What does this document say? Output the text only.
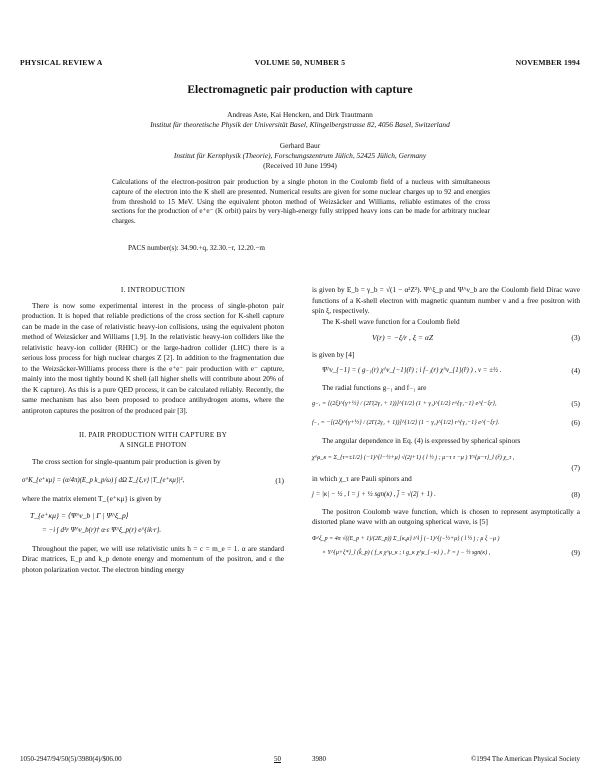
PHYSICAL REVIEW A	VOLUME 50, NUMBER 5	NOVEMBER 1994
Electromagnetic pair production with capture
Andreas Aste, Kai Hencken, and Dirk Trautmann
Institut für theoretische Physik der Universität Basel, Klingelbergstrasse 82, 4056 Basel, Switzerland
Gerhard Baur
Institut für Kernphysik (Theorie), Forschungszentrum Jülich, 52425 Jülich, Germany
(Received 10 June 1994)
Calculations of the electron-positron pair production by a single photon in the Coulomb field of a nucleus with simultaneous capture of the electron into the K shell are presented. Numerical results are given for some nuclear charges up to 92 and energies from threshold to 15 MeV. Using the equivalent photon method of Weizsäcker and Williams, reliable estimates of the cross sections for the production of e⁺e⁻ (K orbit) pairs by very-high-energy fully stripped heavy ions can be made for arbitrary nuclear charges.
PACS number(s): 34.90.+q, 32.30.−r, 12.20.−m
I. INTRODUCTION

There is now some experimental interest in the process of single-photon pair production. It is hoped that reliable predictions of the cross section for K-shell capture can be made in the case of relativistic heavy-ion collisions, using the equivalent photon method of Weizsäcker and Williams [1,9]. In the relativistic heavy-ion colliders like the relativistic heavy-ion collider (RHIC) or the large-hadron collider (LHC) there is a serious loss process for high nuclear charges Z [2]. In addition to the fragmentation due to the Weizsäcker-Williams process there is the e⁺e⁻ pair production with e⁻ capture, mainly into the most tightly bound K shell (all higher shells will contribute about 20% of the K capture). As this is a pure QED process, it can be calculated reliably. Recently, the same mechanism has also been proposed to produce antihydrogen atoms, where the antiproton captures the positron of the produced pair [3].

II. PAIR PRODUCTION WITH CAPTURE BY
A SINGLE PHOTON

The cross section for single-quantum pair production is given by

σ^K_{e⁺κμ} = (α/4π)(E_p k_p/ω) ∫ dΩ Σ_{ξ,ν} |T_{e⁺κμ}|²,	(1)

where the matrix element T_{e⁺κμ} is given by

T_{e⁺κμ} = ⟨Ψ^ν_b | Γ | Ψ^ξ_p⟩
= −i ∫ d³r Ψ^ν_b(r)† α·ε Ψ^ξ_p(r) e^{ik·r}.

Throughout the paper, we will use relativistic units ħ = c = m_e = 1. α are standard Dirac matrices, E_p and k_p denote energy and momentum of the positron, and ε the photon polarization vector. The electron binding energy

is given by E_b = γ_b = √(1 − α²Z²). Ψ^ξ_p and Ψ^ν_b are the Coulomb field Dirac wave functions of a K-shell electron with magnetic quantum number ν and a free positron with spin ξ, respectively.

The K-shell wave function for a Coulomb field

V(r) = −ξ/r , ξ = αZ	(3)

is given by [4]

Ψ^ν_{−1} = ( g₋₁(r) χ^ν_{−1}(r̂) ; i f₋₁(r) χ^ν_{1}(r̂) ) , ν = ±½ .	(4)

The radial functions g₋₁ and f₋₁ are

g₋₁ = [(2ξ)^{γ+½} / (2Γ(2γ₁ + 1))]^{1/2} (1 + γ₁)^{1/2} r^{γ₁−1} e^{−ξr},	(5)
f₋₁ = −[(2ξ)^{γ+½} / (2Γ(2γ₁ + 1))]^{1/2} (1 − γ₁)^{1/2} r^{γ₁−1} e^{−ξr}.	(6)

The angular dependence in Eq. (4) is expressed by spherical spinors

χ^μ_κ = Σ_{τ=±1/2} (−1)^{l−½+μ} √(2j+1) ( l ½ j ; μ−τ τ −μ ) Y^{μ−τ}_l (r̂) χ_τ ,
(7)

in which χ_τ are Pauli spinors and

j = |κ| − ½ , l = j + ½ sgn(κ) , j̄ = √(2j + 1) .	(8)

The positron Coulomb wave function, which is chosen to represent asymptotically a distorted plane wave with an outgoing spherical wave, is [5]

Φ^ξ_p = 4π √((E_p + 1)/(2E_p)) Σ_{κ,μ} i^l j̄ (−1)^{j−½+μ} ( l ½ j ; μ ξ −μ )
× Y^{μ+ξ*}_l (k̂_p) ( f_κ χ^μ_κ ; i g_κ χ^μ_{−κ} ) , l′ = j − ½ sgn(κ) ,	(9)
1050-2947/94/50(5)/3980(4)/$06.00	50	3980	©1994 The American Physical Society
